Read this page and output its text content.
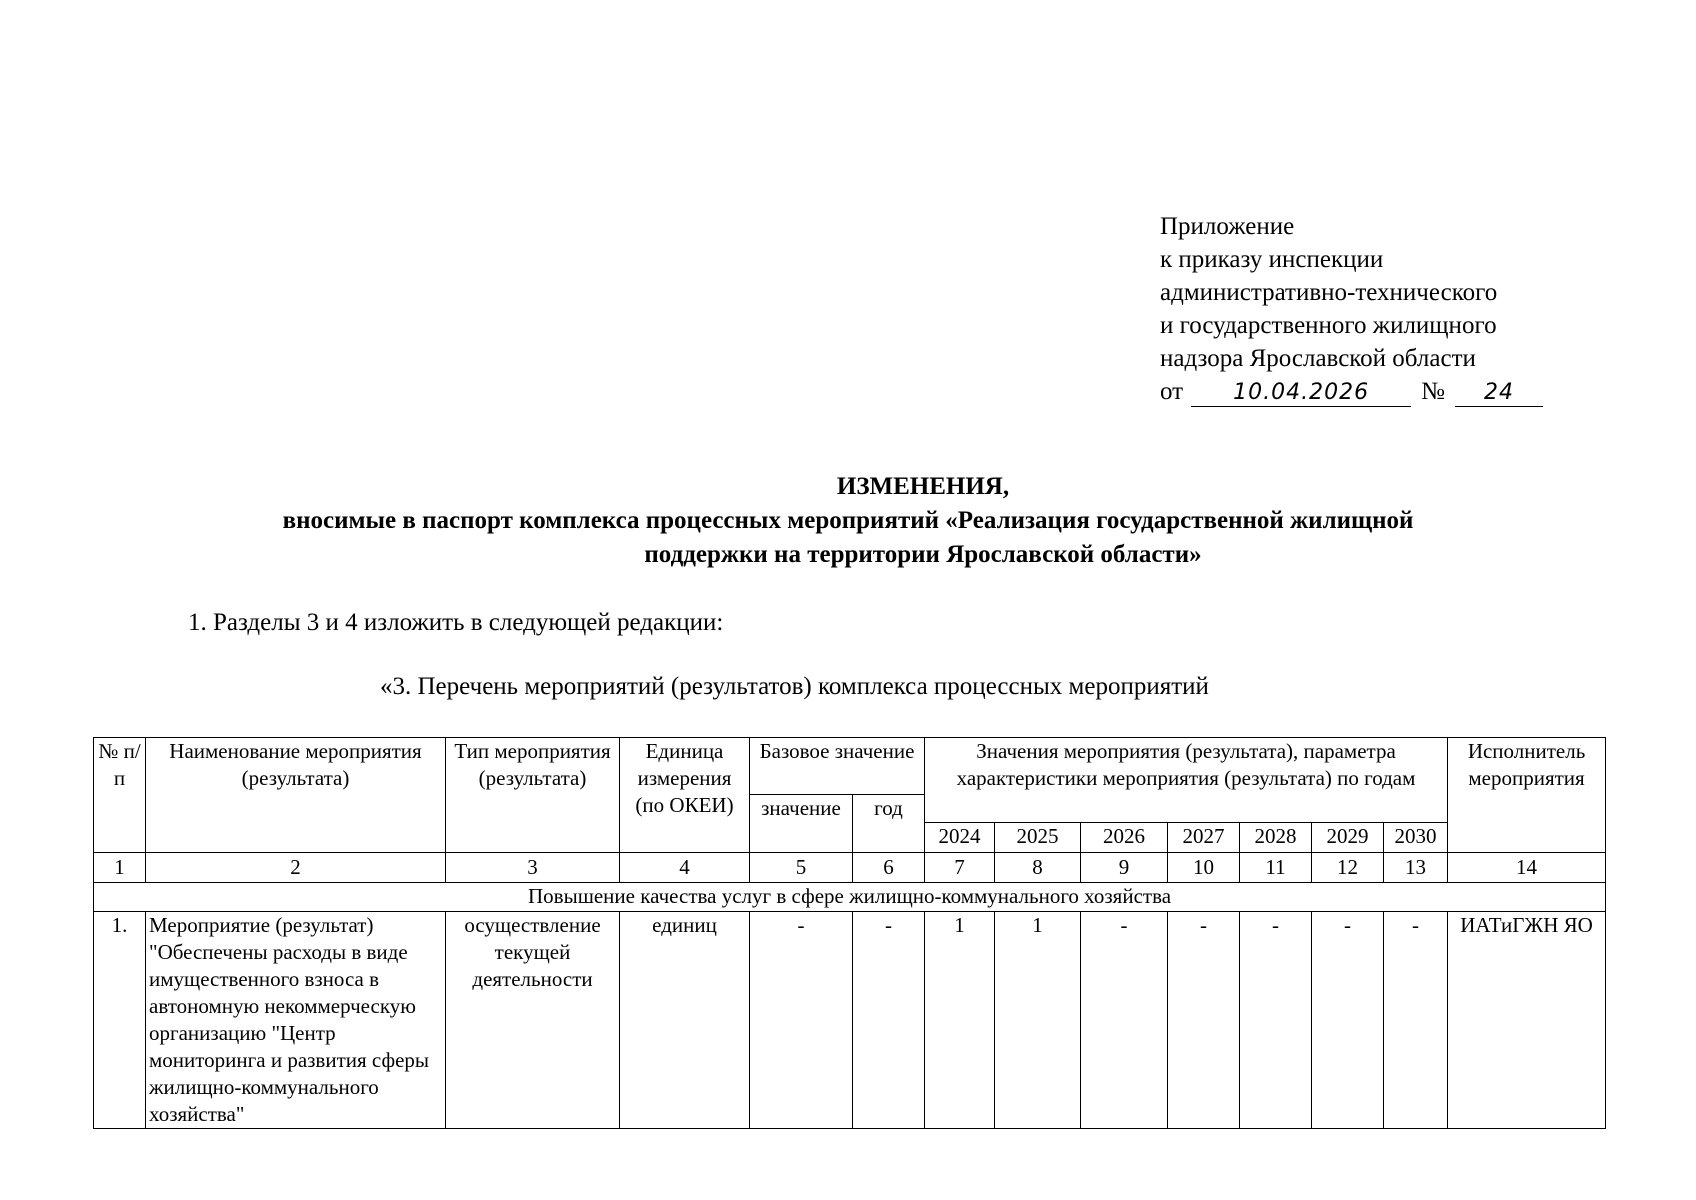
Приложение
к приказу инспекции
административно-технического
и государственного жилищного
надзора Ярославской области
от	10.04.2026	№	24
ИЗМЕНЕНИЯ,
вносимые в паспорт комплекса процессных мероприятий «Реализация государственной жилищной
поддержки на территории Ярославской области»
1. Разделы 3 и 4 изложить в следующей редакции:
«3. Перечень мероприятий (результатов) комплекса процессных мероприятий
№ п/п	Наименование мероприятия (результата)	Тип мероприятия (результата)	Единица измерения (по ОКЕИ)	Базовое значение		Значения мероприятия (результата), параметра характеристики мероприятия (результата) по годам							Исполнитель мероприятия
				значение	год								
						2024	2025	2026	2027	2028	2029	2030	
1	2	3	4	5	6	7	8	9	10	11	12	13	14
Повышение качества услуг в сфере жилищно-коммунального хозяйства													
1.	Мероприятие (результат) "Обеспечены расходы в виде имущественного взноса в автономную некоммерческую организацию "Центр мониторинга и развития сферы жилищно-коммунального хозяйства"	осуществление текущей деятельности	единиц	-	-	1	1	-	-	-	-	-	ИАТиГЖН ЯО
